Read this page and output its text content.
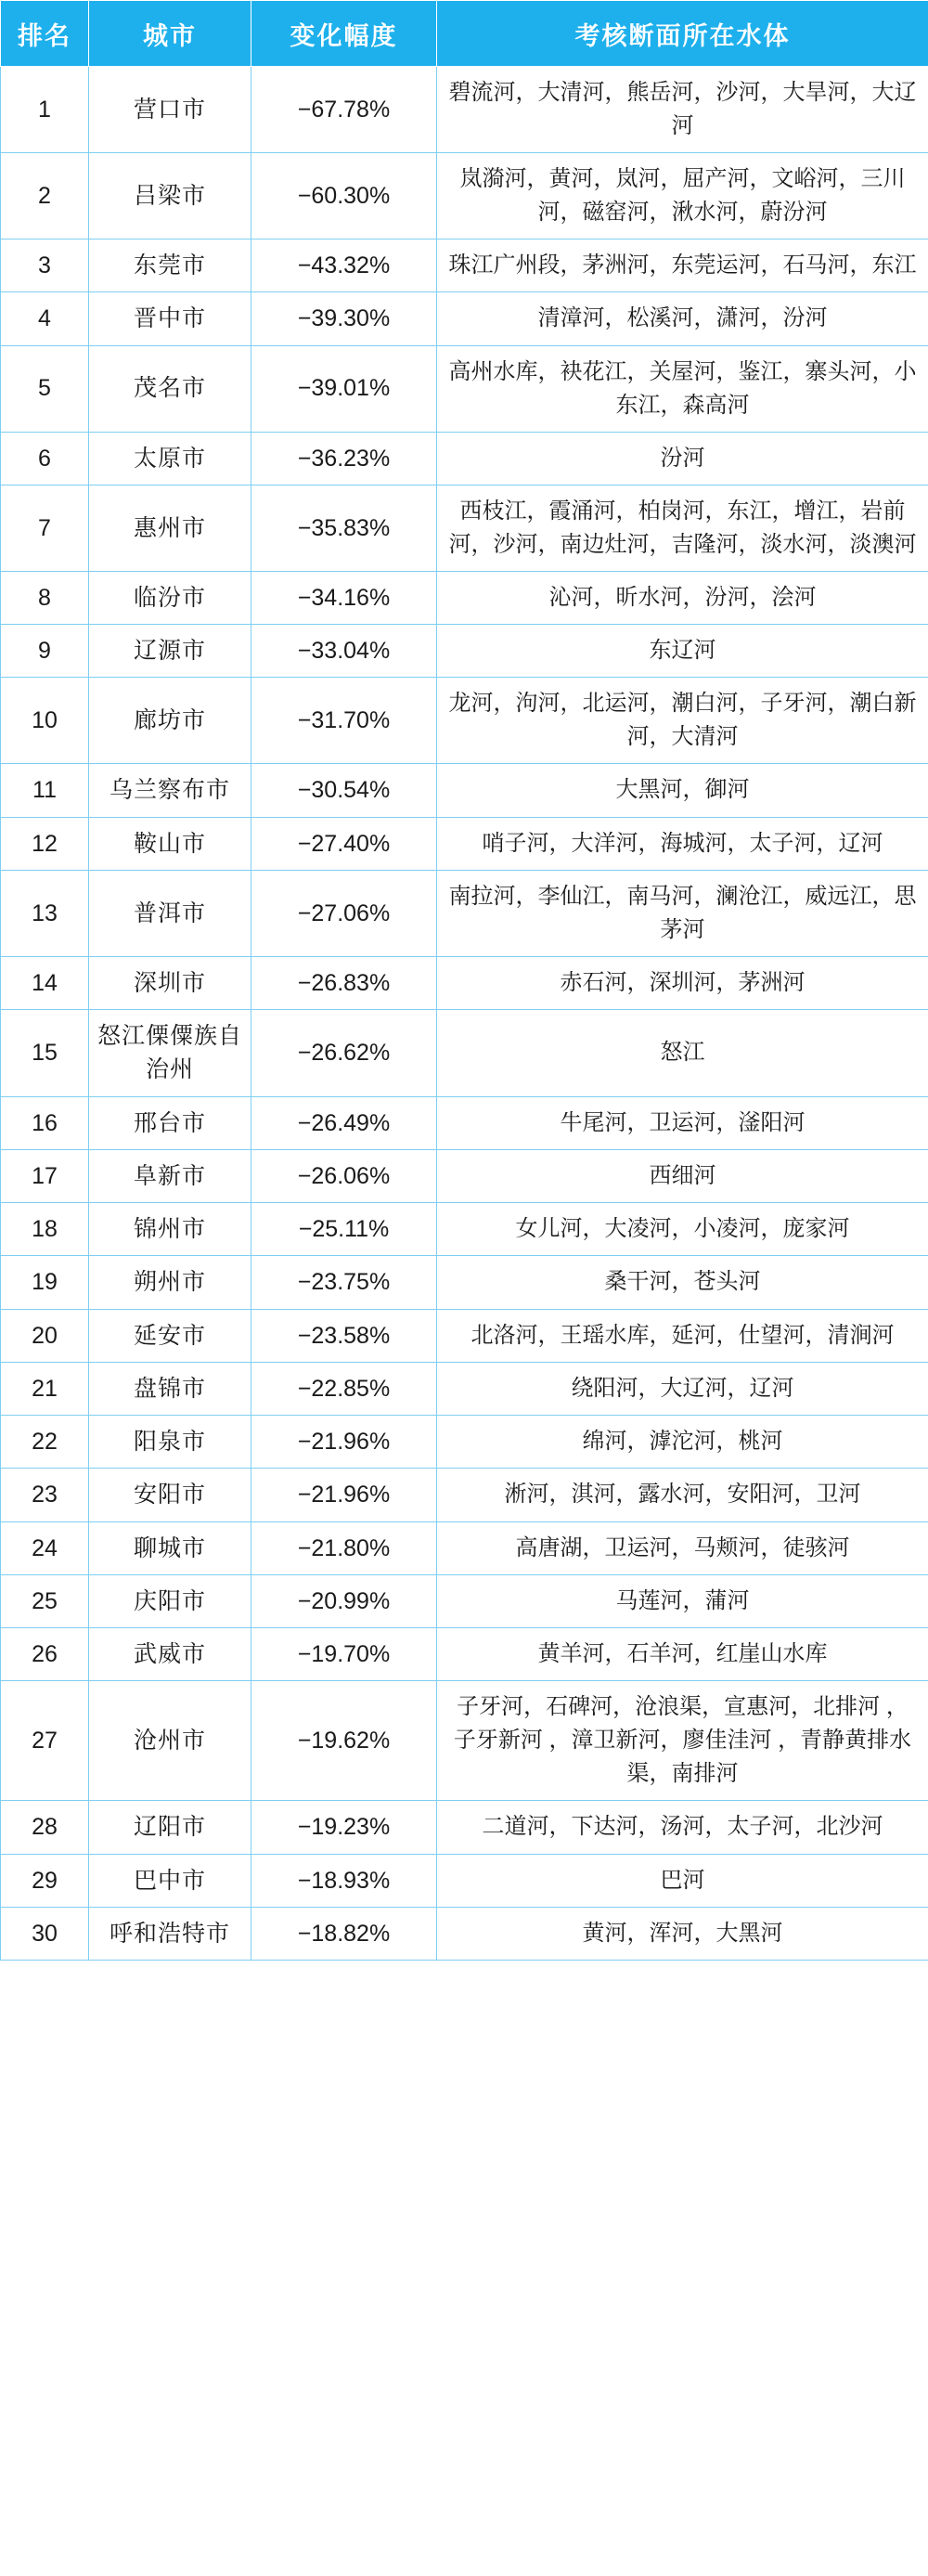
排名	城市	变化幅度	考核断面所在水体
1	营口市	−67.78%	碧流河，大清河，熊岳河，沙河，大旱河，大辽河
2	吕梁市	−60.30%	岚漪河，黄河，岚河，屈产河，文峪河，三川河，磁窑河，湫水河，蔚汾河
3	东莞市	−43.32%	珠江广州段，茅洲河，东莞运河，石马河，东江
4	晋中市	−39.30%	清漳河，松溪河，潇河，汾河
5	茂名市	−39.01%	高州水库，袂花江，关屋河，鉴江，寨头河，小东江，森高河
6	太原市	−36.23%	汾河
7	惠州市	−35.83%	西枝江，霞涌河，柏岗河，东江，增江，岩前河，沙河，南边灶河，吉隆河，淡水河，淡澳河
8	临汾市	−34.16%	沁河，昕水河，汾河，浍河
9	辽源市	−33.04%	东辽河
10	廊坊市	−31.70%	龙河，泃河，北运河，潮白河，子牙河，潮白新河，大清河
11	乌兰察布市	−30.54%	大黑河，御河
12	鞍山市	−27.40%	哨子河，大洋河，海城河，太子河，辽河
13	普洱市	−27.06%	南拉河，李仙江，南马河，澜沧江，威远江，思茅河
14	深圳市	−26.83%	赤石河，深圳河，茅洲河
15	怒江傈僳族自治州	−26.62%	怒江
16	邢台市	−26.49%	牛尾河，卫运河，滏阳河
17	阜新市	−26.06%	西细河
18	锦州市	−25.11%	女儿河，大凌河，小凌河，庞家河
19	朔州市	−23.75%	桑干河，苍头河
20	延安市	−23.58%	北洛河，王瑶水库，延河，仕望河，清涧河
21	盘锦市	−22.85%	绕阳河，大辽河，辽河
22	阳泉市	−21.96%	绵河，滹沱河，桃河
23	安阳市	−21.96%	淅河，淇河，露水河，安阳河，卫河
24	聊城市	−21.80%	高唐湖，卫运河，马颊河，徒骇河
25	庆阳市	−20.99%	马莲河，蒲河
26	武威市	−19.70%	黄羊河，石羊河，红崖山水库
27	沧州市	−19.62%	子牙河，石碑河，沧浪渠，宣惠河，北排河 ，子牙新河 ，漳卫新河，廖佳洼河 ，青静黄排水渠，南排河
28	辽阳市	−19.23%	二道河，下达河，汤河，太子河，北沙河
29	巴中市	−18.93%	巴河
30	呼和浩特市	−18.82%	黄河，浑河，大黑河
